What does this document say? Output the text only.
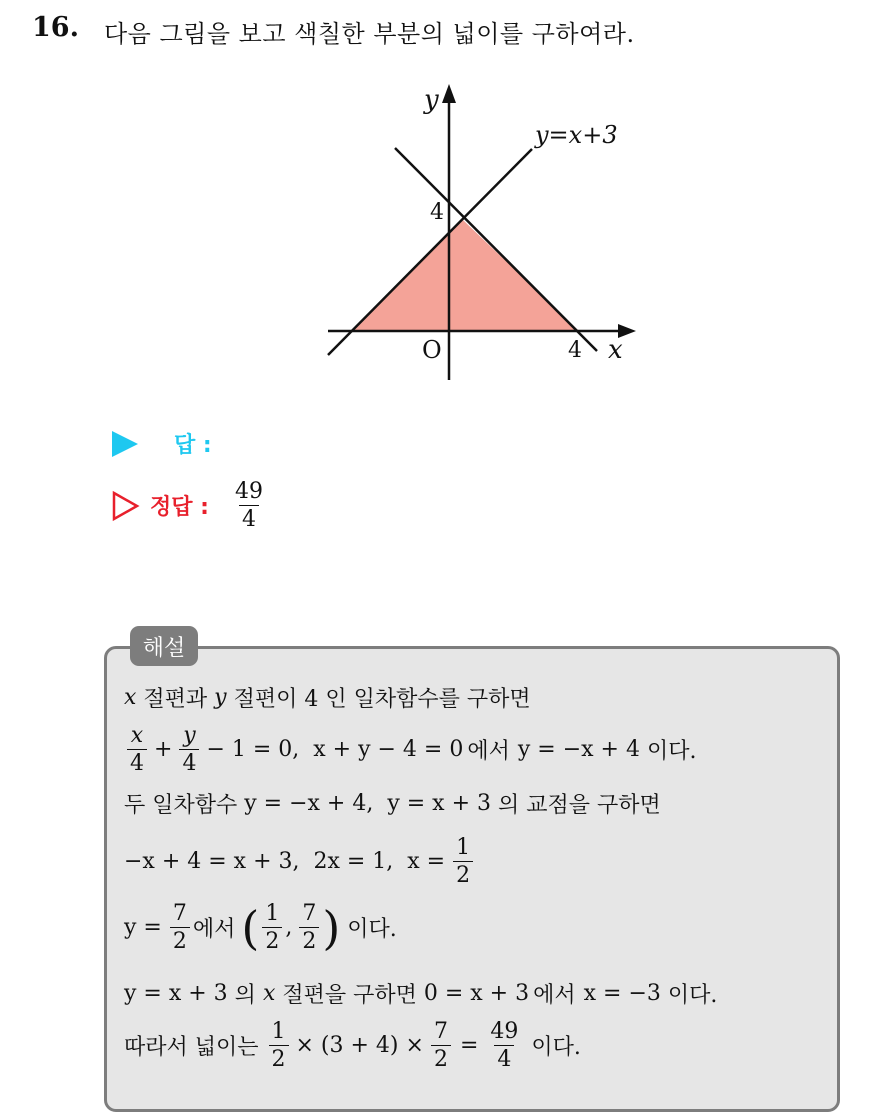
16. 다음 그림을 보고 색칠한 부분의 넓이를 구하여라.
y
x
y=x+3
4
4
O
답 :
정답 : $\frac{49}{4}$
해설
x 절편과 y 절편이 4 인 일차함수를 구하면
$\frac{x}{4} + \frac{y}{4} - 1 = 0$,  x + y − 4 = 0 에서 y = −x + 4 이다.
두 일차함수 y = −x + 4,  y = x + 3 의 교점을 구하면
−x + 4 = x + 3,  2x = 1,  $x = \frac{1}{2}$
$y = \frac{7}{2}$ 에서 ( $\frac{1}{2}$ , $\frac{7}{2}$ ) 이다.
y = x + 3 의 x 절편을 구하면 0 = x + 3 에서 x = −3 이다.
따라서 넓이는 $\frac{1}{2} \times (3 + 4) \times \frac{7}{2} = \frac{49}{4}$ 이다.
